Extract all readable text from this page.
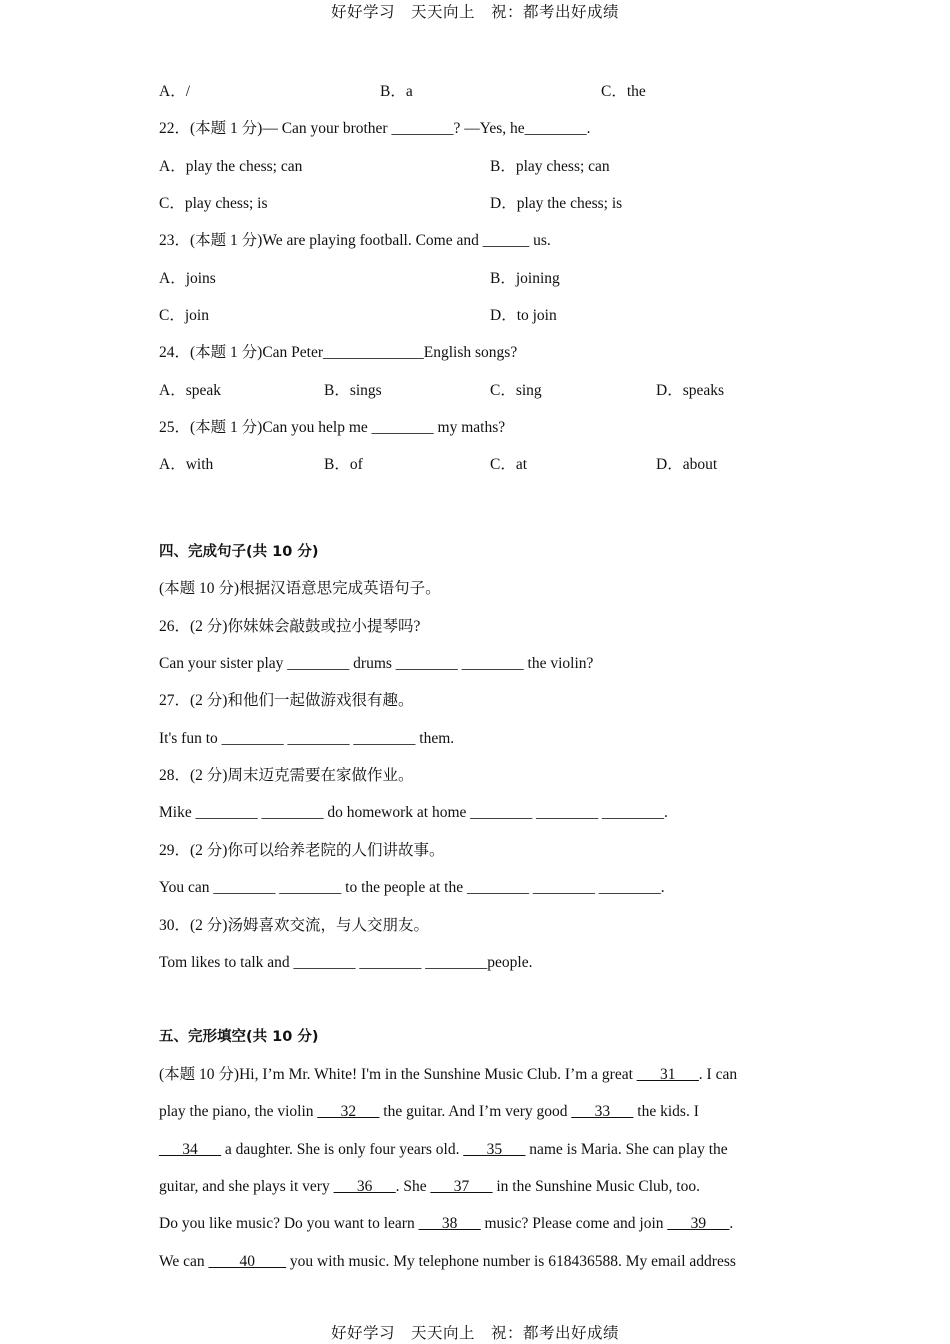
好好学习　天天向上　祝：都考出好成绩
A．/	B．a	C．the
22．(本题 1 分)— Can your brother ________? —Yes, he________.
A．play the chess; can	B．play chess; can
C．play chess; is	D．play the chess; is
23．(本题 1 分)We are playing football. Come and ______ us.
A．joins	B．joining
C．join	D．to join
24．(本题 1 分)Can Peter_____________English songs?
A．speak	B．sings	C．sing	D．speaks
25．(本题 1 分)Can you help me ________ my maths?
A．with	B．of	C．at	D．about
四、完成句子(共 10 分)
(本题 10 分)根据汉语意思完成英语句子。
26．(2 分)你妹妹会敲鼓或拉小提琴吗?
Can your sister play ________ drums ________ ________ the violin?
27．(2 分)和他们一起做游戏很有趣。
It's fun to ________ ________ ________ them.
28．(2 分)周末迈克需要在家做作业。
Mike ________ ________ do homework at home ________ ________ ________.
29．(2 分)你可以给养老院的人们讲故事。
You can ________ ________ to the people at the ________ ________ ________.
30．(2 分)汤姆喜欢交流，与人交朋友。
Tom likes to talk and ________ ________ ________people.
五、完形填空(共 10 分)
(本题 10 分)Hi, I’m Mr. White! I'm in the Sunshine Music Club. I’m a great ___31___. I can
play the piano, the violin ___32___ the guitar. And I’m very good ___33___ the kids. I
___34___ a daughter. She is only four years old. ___35___ name is Maria. She can play the
guitar, and she plays it very ___36___. She ___37___ in the Sunshine Music Club, too.
Do you like music? Do you want to learn ___38___ music? Please come and join ___39___.
We can ____40____ you with music. My telephone number is 618436588. My email address
好好学习　天天向上　祝：都考出好成绩
